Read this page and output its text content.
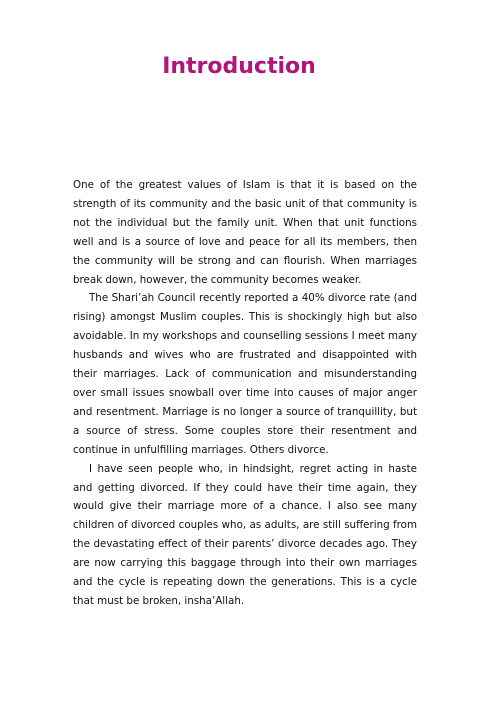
Introduction

One of the greatest values of Islam is that it is based on the strength of its community and the basic unit of that community is not the individual but the family unit. When that unit functions well and is a source of love and peace for all its members, then the community will be strong and can flourish. When marriages break down, however, the community becomes weaker.

The Shari’ah Council recently reported a 40% divorce rate (and rising) amongst Muslim couples. This is shockingly high but also avoidable. In my workshops and counselling sessions I meet many husbands and wives who are frustrated and disappointed with their marriages. Lack of communication and misunderstanding over small issues snowball over time into causes of major anger and resentment. Marriage is no longer a source of tranquillity, but a source of stress. Some couples store their resentment and continue in unfulfilling marriages. Others divorce.

I have seen people who, in hindsight, regret acting in haste and getting divorced. If they could have their time again, they would give their marriage more of a chance. I also see many children of divorced couples who, as adults, are still suffering from the devastating effect of their parents’ divorce decades ago. They are now carrying this baggage through into their own marriages and the cycle is repeating down the generations. This is a cycle that must be broken, insha’Allah.
